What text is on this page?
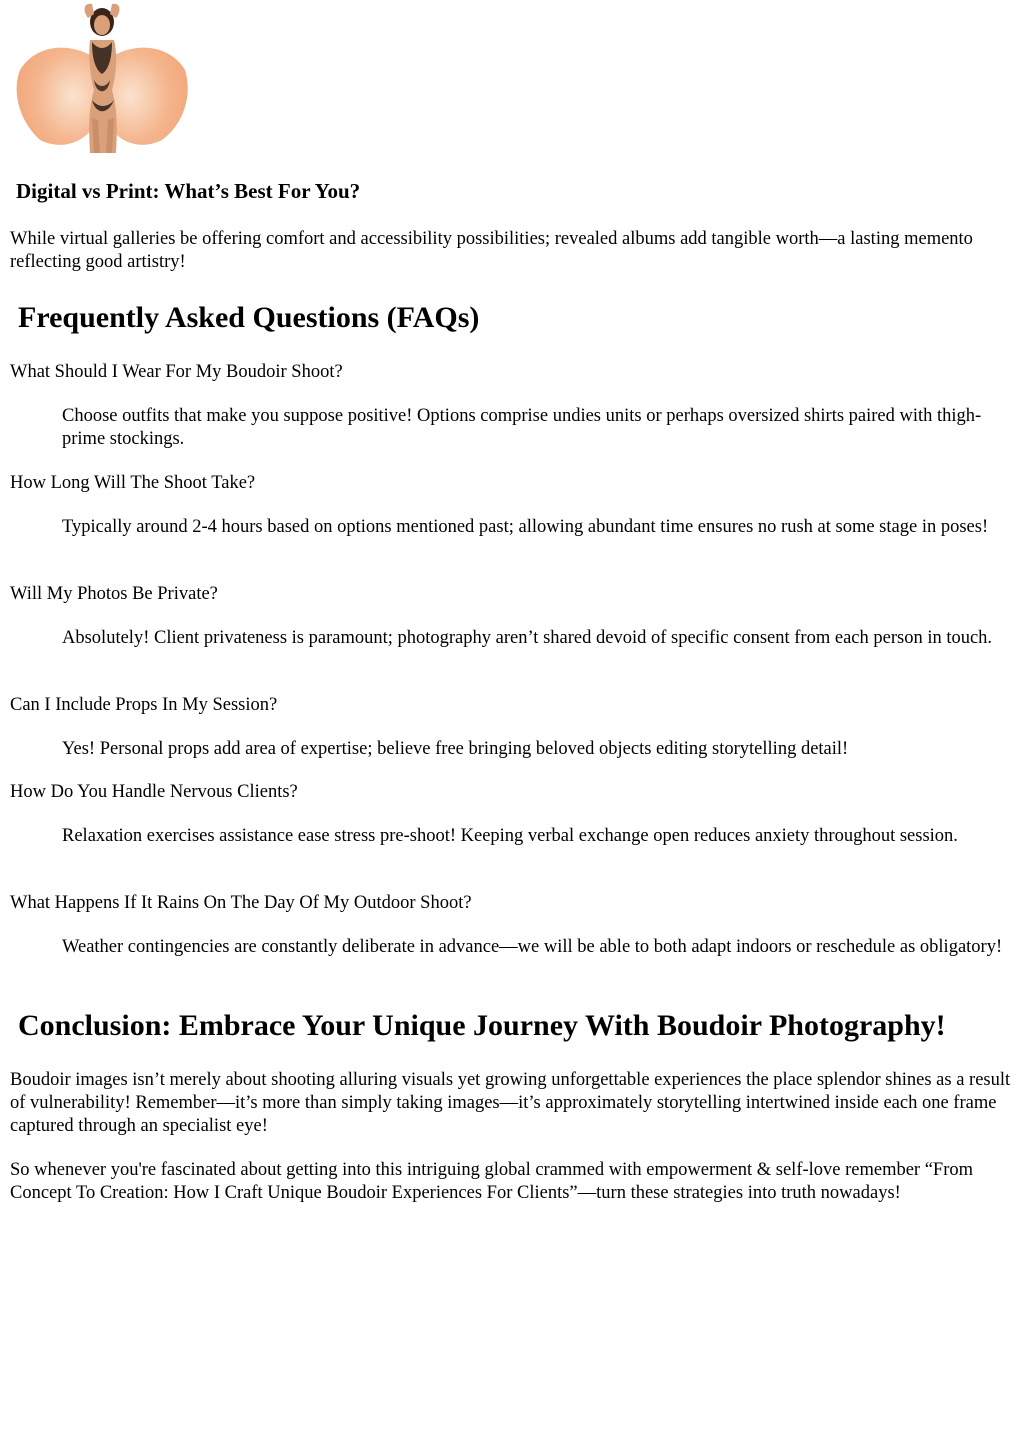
Digital vs Print: What’s Best For You?

While virtual galleries be offering comfort and accessibility possibilities; revealed albums add tangible worth—a lasting memento reflecting good artistry!

Frequently Asked Questions (FAQs)

What Should I Wear For My Boudoir Shoot?

Choose outfits that make you suppose positive! Options comprise undies units or perhaps oversized shirts paired with thigh-prime stockings.

How Long Will The Shoot Take?

Typically around 2-4 hours based on options mentioned past; allowing abundant time ensures no rush at some stage in poses!

Will My Photos Be Private?

Absolutely! Client privateness is paramount; photography aren’t shared devoid of specific consent from each person in touch.

Can I Include Props In My Session?

Yes! Personal props add area of expertise; believe free bringing beloved objects editing storytelling detail!

How Do You Handle Nervous Clients?

Relaxation exercises assistance ease stress pre-shoot! Keeping verbal exchange open reduces anxiety throughout session.

What Happens If It Rains On The Day Of My Outdoor Shoot?

Weather contingencies are constantly deliberate in advance—we will be able to both adapt indoors or reschedule as obligatory!

Conclusion: Embrace Your Unique Journey With Boudoir Photography!

Boudoir images isn’t merely about shooting alluring visuals yet growing unforgettable experiences the place splendor shines as a result of vulnerability! Remember—it’s more than simply taking images—it’s approximately storytelling intertwined inside each one frame captured through an specialist eye!

So whenever you're fascinated about getting into this intriguing global crammed with empowerment & self-love remember “From Concept To Creation: How I Craft Unique Boudoir Experiences For Clients”—turn these strategies into truth nowadays!
